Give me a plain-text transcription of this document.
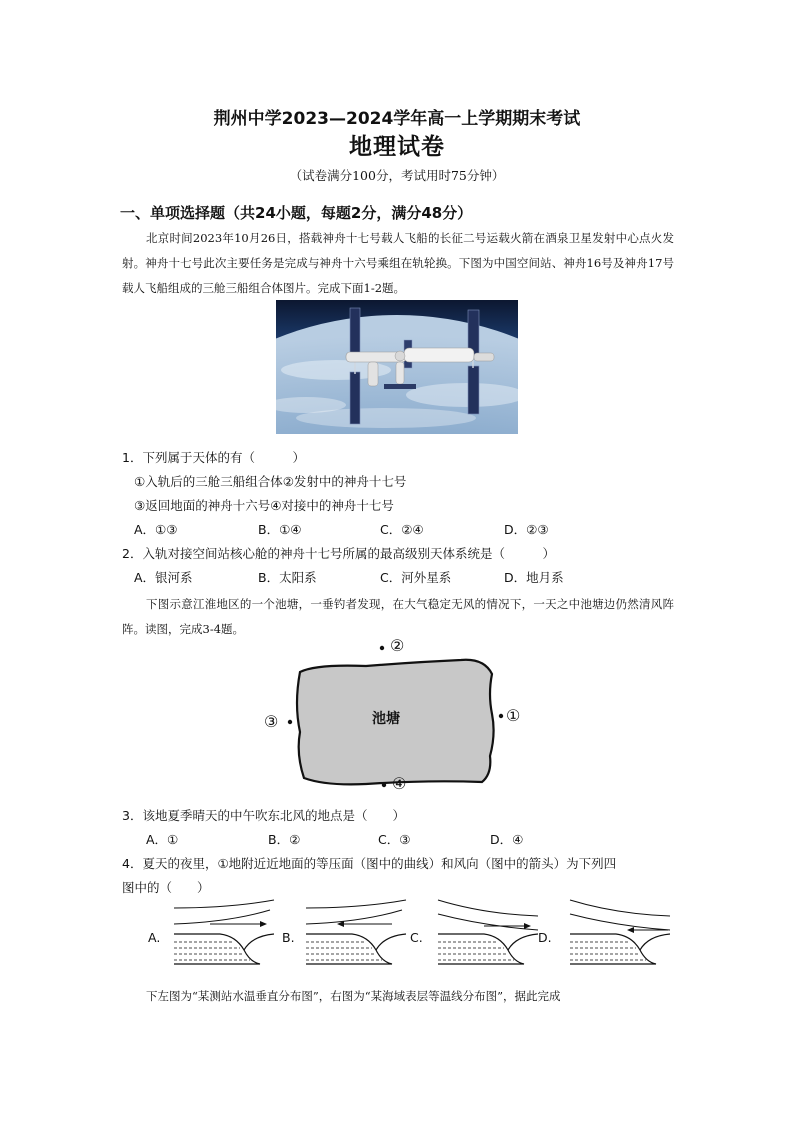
荆州中学2023—2024学年高一上学期期末考试
地理试卷
（试卷满分100分，考试用时75分钟）
一、单项选择题（共24小题，每题2分，满分48分）
北京时间2023年10月26日，搭载神舟十七号载人飞船的长征二号运载火箭在酒泉卫星发射中心点火发射。神舟十七号此次主要任务是完成与神舟十六号乘组在轨轮换。下图为中国空间站、神舟16号及神舟17号载人飞船组成的三舱三船组合体图片。完成下面1-2题。
1．下列属于天体的有（　　　）
①入轨后的三舱三船组合体②发射中的神舟十七号
③返回地面的神舟十六号④对接中的神舟十七号
A．①③	B．①④	C．②④	D．②③
2．入轨对接空间站核心舱的神舟十七号所属的最高级别天体系统是（　　　）
A．银河系	B．太阳系	C．河外星系	D．地月系
下图示意江淮地区的一个池塘，一垂钓者发现，在大气稳定无风的情况下，一天之中池塘边仍然清风阵阵。读图，完成3-4题。
池塘
②
③	①
④
3．该地夏季晴天的中午吹东北风的地点是（　　）
A．①	B．②	C．③	D．④
4．夏天的夜里，①地附近近地面的等压面（图中的曲线）和风向（图中的箭头）为下列四
图中的（　　）
A.	B.	C.	D.
下左图为“某测站水温垂直分布图”，右图为“某海域表层等温线分布图”，据此完成
